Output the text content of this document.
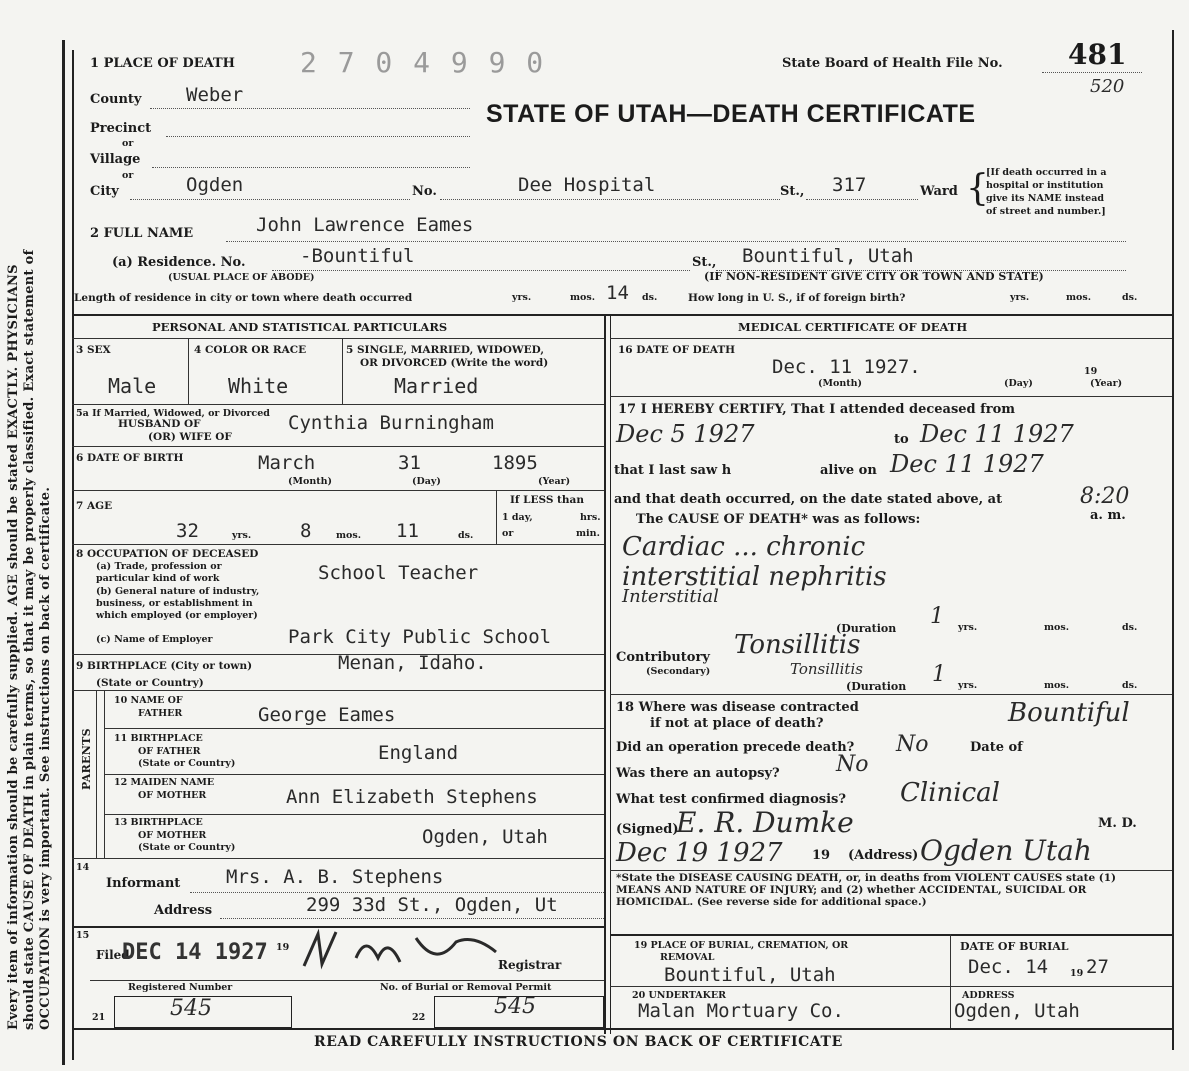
Every item of information should be carefully supplied. AGE should be stated EXACTLY. PHYSICIANS should state CAUSE OF DEATH in plain terms, so that it may be properly classified. Exact statement of OCCUPATION is very important. See instructions on back of certificate.
1 PLACE OF DEATH 2 7 0 4 9 9 0	State Board of Health File No. 481
520
STATE OF UTAH—DEATH CERTIFICATE
County Weber
Precinct
or
Village
or
City	Ogden	No.	Dee Hospital	St., 317	Ward {
[If death occurred in a
hospital or institution
give its NAME instead
of street and number.]
2 FULL NAME	John Lawrence Eames
(a) Residence. No.	-Bountiful	St., Bountiful, Utah
(USUAL PLACE OF ABODE)	(IF NON-RESIDENT GIVE CITY OR TOWN AND STATE)
Length of residence in city or town where death occurred	yrs.	mos. 14 ds.	How long in U. S., if of foreign birth?	yrs.	mos.	ds.
PERSONAL AND STATISTICAL PARTICULARS
3 SEX
Male
4 COLOR OR RACE
White
5 SINGLE, MARRIED, WIDOWED,
OR DIVORCED (Write the word)
Married
5a If Married, Widowed, or Divorced
HUSBAND OF
(OR) WIFE OF
Cynthia Burningham
6 DATE OF BIRTH	March	31	1895
(Month)	(Day)	(Year)
7 AGE
32	yrs.	8	mos. 11	ds.
If LESS than
1 day,	hrs.
or	min.
8 OCCUPATION OF DECEASED
(a) Trade, profession or
particular kind of work	School Teacher
(b) General nature of industry,
business, or establishment in
which employed (or employer)
(c) Name of Employer	Park City Public School
9 BIRTHPLACE (City or town)
(State or Country)
Menan, Idaho.
PARENTS
10 NAME OF
FATHER	George Eames
11 BIRTHPLACE
OF FATHER
(State or Country)	England
12 MAIDEN NAME
OF MOTHER	Ann Elizabeth Stephens
13 BIRTHPLACE
OF MOTHER
(State or Country)	Ogden, Utah
14
Informant Mrs. A. B. Stephens
Address	299 33d St., Ogden, Ut
15
Filed
DEC 14 1927 19
Registrar
Registered Number	No. of Burial or Removal Permit
21	545	22	545
MEDICAL CERTIFICATE OF DEATH
16 DATE OF DEATH
Dec. 11 1927.	19
(Month)	(Day)	(Year)
17 I HEREBY CERTIFY, That I attended deceased from
Dec 5 1927	to Dec 11 1927
that I last saw h	alive on Dec 11 1927
and that death occurred, on the date stated above, at	8:20
a. m.
The CAUSE OF DEATH* was as follows:
Cardiac ... chronic
interstitial nephritis
Interstitial
(Duration 1 yrs.	mos.	ds.
Contributory
(Secondary)
Tonsillitis
Tonsillitis
(Duration 1 yrs.	mos.	ds.
18 Where was disease contracted
if not at place of death?	Bountiful
Did an operation precede death? No	Date of
Was there an autopsy?	No
What test confirmed diagnosis? Clinical
(Signed)
E. R. Dumke	M. D.
Dec 19 1927 19 (Address) Ogden Utah
*State the DISEASE CAUSING DEATH, or, in deaths from VIOLENT CAUSES state (1) MEANS AND NATURE OF INJURY; and (2) whether ACCIDENTAL, SUICIDAL OR HOMICIDAL. (See reverse side for additional space.)
19 PLACE OF BURIAL, CREMATION, OR
REMOVAL
Bountiful, Utah
DATE OF BURIAL
Dec. 14 19 27
20 UNDERTAKER
Malan Mortuary Co.
ADDRESS
Ogden, Utah
READ CAREFULLY INSTRUCTIONS ON BACK OF CERTIFICATE
